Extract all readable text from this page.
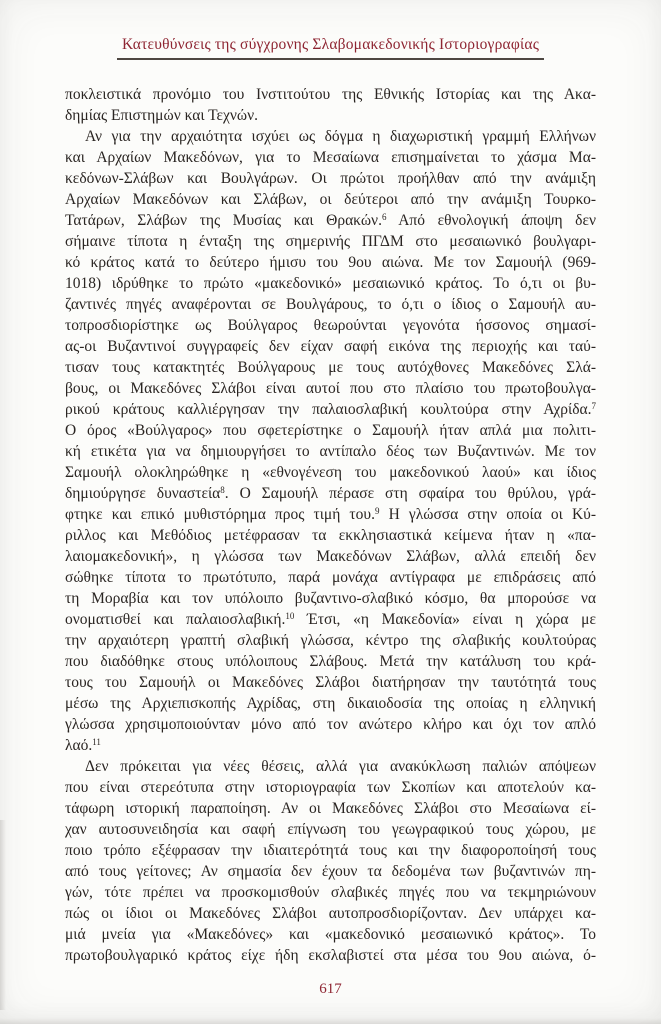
Κατευθύνσεις της σύγχρονης Σλαβομακεδονικής Ιστοριογραφίας
ποκλειστικά προνόμιο του Ινστιτούτου της Εθνικής Ιστορίας και της Ακα-
δημίας Επιστημών και Τεχνών.
Αν για την αρχαιότητα ισχύει ως δόγμα η διαχωριστική γραμμή Ελλήνων
και Αρχαίων Μακεδόνων, για το Μεσαίωνα επισημαίνεται το χάσμα Μα-
κεδόνων-Σλάβων και Βουλγάρων. Οι πρώτοι προήλθαν από την ανάμιξη
Αρχαίων Μακεδόνων και Σλάβων, οι δεύτεροι από την ανάμιξη Τουρκο-
Τατάρων, Σλάβων της Μυσίας και Θρακών.$^6$ Από εθνολογική άποψη δεν
σήμαινε τίποτα η ένταξη της σημερινής ΠΓΔΜ στο μεσαιωνικό βουλγαρι-
κό κράτος κατά το δεύτερο ήμισυ του 9ου αιώνα. Με τον Σαμουήλ (969-
1018) ιδρύθηκε το πρώτο «μακεδονικό» μεσαιωνικό κράτος. Το ό,τι οι βυ-
ζαντινές πηγές αναφέρονται σε Βουλγάρους, το ό,τι ο ίδιος ο Σαμουήλ αυ-
τοπροσδιορίστηκε ως Βούλγαρος θεωρούνται γεγονότα ήσσονος σημασί-
ας-οι Βυζαντινοί συγγραφείς δεν είχαν σαφή εικόνα της περιοχής και ταύ-
τισαν τους κατακτητές Βούλγαρους με τους αυτόχθονες Μακεδόνες Σλά-
βους, οι Μακεδόνες Σλάβοι είναι αυτοί που στο πλαίσιο του πρωτοβουλγα-
ρικού κράτους καλλιέργησαν την παλαιοσλαβική κουλτούρα στην Αχρίδα.$^7$
Ο όρος «Βούλγαρος» που σφετερίστηκε ο Σαμουήλ ήταν απλά μια πολιτι-
κή ετικέτα για να δημιουργήσει το αντίπαλο δέος των Βυζαντινών. Με τον
Σαμουήλ ολοκληρώθηκε η «εθνογένεση του μακεδονικού λαού» και ίδιος
δημιούργησε δυναστεία$^8$. Ο Σαμουήλ πέρασε στη σφαίρα του θρύλου, γρά-
φτηκε και επικό μυθιστόρημα προς τιμή του.$^9$ Η γλώσσα στην οποία οι Κύ-
ριλλος και Μεθόδιος μετέφρασαν τα εκκλησιαστικά κείμενα ήταν η «πα-
λαιομακεδονική», η γλώσσα των Μακεδόνων Σλάβων, αλλά επειδή δεν
σώθηκε τίποτα το πρωτότυπο, παρά μονάχα αντίγραφα με επιδράσεις από
τη Μοραβία και τον υπόλοιπο βυζαντινο-σλαβικό κόσμο, θα μπορούσε να
ονοματισθεί και παλαιοσλαβική.$^{10}$ Έτσι, «η Μακεδονία» είναι η χώρα με
την αρχαιότερη γραπτή σλαβική γλώσσα, κέντρο της σλαβικής κουλτούρας
που διαδόθηκε στους υπόλοιπους Σλάβους. Μετά την κατάλυση του κρά-
τους του Σαμουήλ οι Μακεδόνες Σλάβοι διατήρησαν την ταυτότητά τους
μέσω της Αρχιεπισκοπής Αχρίδας, στη δικαιοδοσία της οποίας η ελληνική
γλώσσα χρησιμοποιούνταν μόνο από τον ανώτερο κλήρο και όχι τον απλό
λαό.$^{11}$
Δεν πρόκειται για νέες θέσεις, αλλά για ανακύκλωση παλιών απόψεων
που είναι στερεότυπα στην ιστοριογραφία των Σκοπίων και αποτελούν κα-
τάφωρη ιστορική παραποίηση. Αν οι Μακεδόνες Σλάβοι στο Μεσαίωνα εί-
χαν αυτοσυνειδησία και σαφή επίγνωση του γεωγραφικού τους χώρου, με
ποιο τρόπο εξέφρασαν την ιδιαιτερότητά τους και την διαφοροποίησή τους
από τους γείτονες; Αν σημασία δεν έχουν τα δεδομένα των βυζαντινών πη-
γών, τότε πρέπει να προσκομισθούν σλαβικές πηγές που να τεκμηριώνουν
πώς οι ίδιοι οι Μακεδόνες Σλάβοι αυτοπροσδιορίζονταν. Δεν υπάρχει κα-
μιά μνεία για «Μακεδόνες» και «μακεδονικό μεσαιωνικό κράτος». Το
πρωτοβουλγαρικό κράτος είχε ήδη εκσλαβιστεί στα μέσα του 9ου αιώνα, ό-
617
